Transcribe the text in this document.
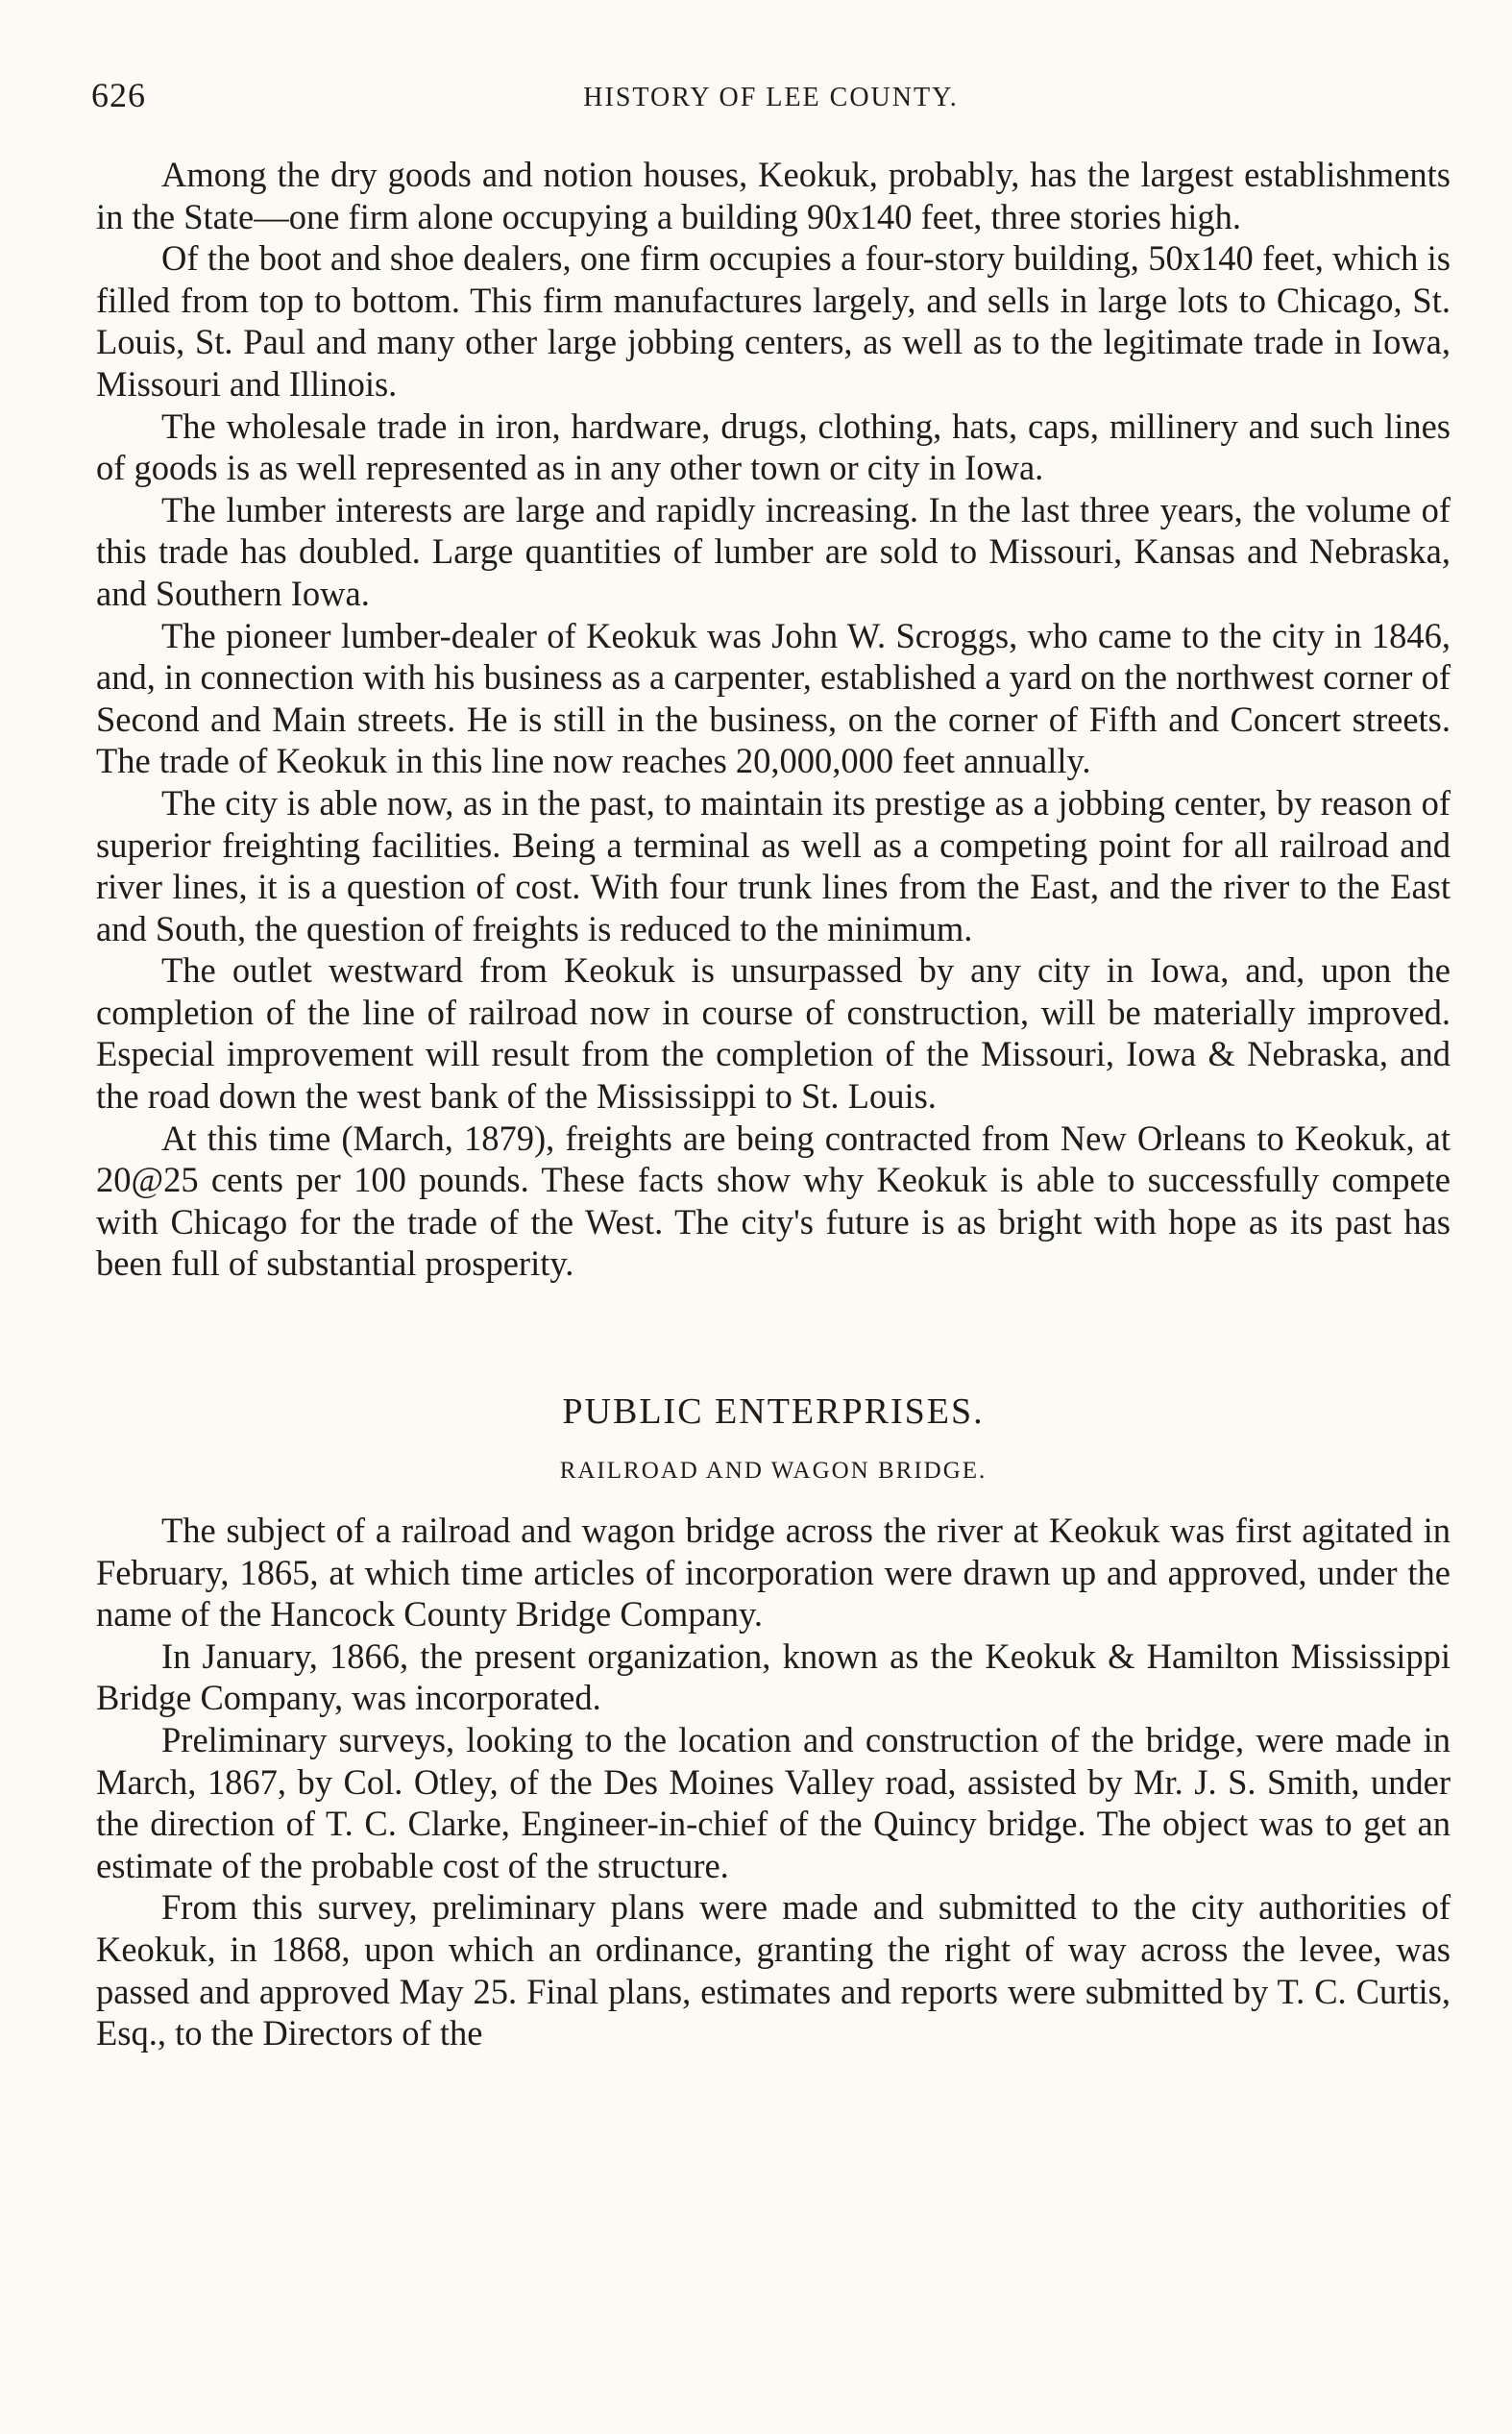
626	HISTORY OF LEE COUNTY.

Among the dry goods and notion houses, Keokuk, probably, has the largest establishments in the State—one firm alone occupying a building 90x140 feet, three stories high.

Of the boot and shoe dealers, one firm occupies a four-story building, 50x140 feet, which is filled from top to bottom. This firm manufactures largely, and sells in large lots to Chicago, St. Louis, St. Paul and many other large jobbing centers, as well as to the legitimate trade in Iowa, Missouri and Illinois.

The wholesale trade in iron, hardware, drugs, clothing, hats, caps, millinery and such lines of goods is as well represented as in any other town or city in Iowa.

The lumber interests are large and rapidly increasing. In the last three years, the volume of this trade has doubled. Large quantities of lumber are sold to Missouri, Kansas and Nebraska, and Southern Iowa.

The pioneer lumber-dealer of Keokuk was John W. Scroggs, who came to the city in 1846, and, in connection with his business as a carpenter, established a yard on the northwest corner of Second and Main streets. He is still in the business, on the corner of Fifth and Concert streets. The trade of Keokuk in this line now reaches 20,000,000 feet annually.

The city is able now, as in the past, to maintain its prestige as a jobbing center, by reason of superior freighting facilities. Being a terminal as well as a competing point for all railroad and river lines, it is a question of cost. With four trunk lines from the East, and the river to the East and South, the question of freights is reduced to the minimum.

The outlet westward from Keokuk is unsurpassed by any city in Iowa, and, upon the completion of the line of railroad now in course of construction, will be materially improved. Especial improvement will result from the completion of the Missouri, Iowa & Nebraska, and the road down the west bank of the Mississippi to St. Louis.

At this time (March, 1879), freights are being contracted from New Orleans to Keokuk, at 20@25 cents per 100 pounds. These facts show why Keokuk is able to successfully compete with Chicago for the trade of the West. The city's future is as bright with hope as its past has been full of substantial prosperity.

PUBLIC ENTERPRISES.
RAILROAD AND WAGON BRIDGE.

The subject of a railroad and wagon bridge across the river at Keokuk was first agitated in February, 1865, at which time articles of incorporation were drawn up and approved, under the name of the Hancock County Bridge Company.

In January, 1866, the present organization, known as the Keokuk & Hamilton Mississippi Bridge Company, was incorporated.

Preliminary surveys, looking to the location and construction of the bridge, were made in March, 1867, by Col. Otley, of the Des Moines Valley road, assisted by Mr. J. S. Smith, under the direction of T. C. Clarke, Engineer-in-chief of the Quincy bridge. The object was to get an estimate of the probable cost of the structure.

From this survey, preliminary plans were made and submitted to the city authorities of Keokuk, in 1868, upon which an ordinance, granting the right of way across the levee, was passed and approved May 25. Final plans, estimates and reports were submitted by T. C. Curtis, Esq., to the Directors of the
